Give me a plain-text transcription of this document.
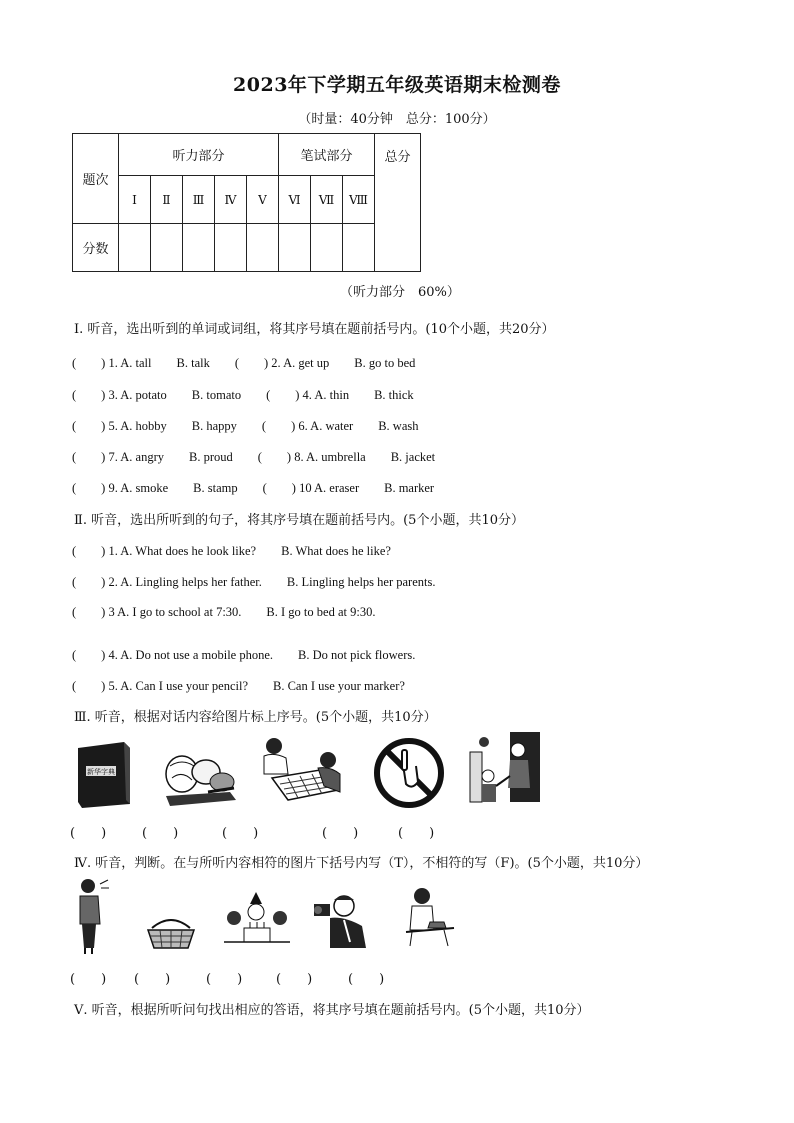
2023年下学期五年级英语期末检测卷
（时量：40分钟　总分：100分）
题次	听力部分					笔试部分			总分
	Ⅰ	Ⅱ	Ⅲ	Ⅳ	Ⅴ	Ⅵ	Ⅶ	Ⅷ	
分数									
（听力部分　60%）
Ⅰ. 听音，选出听到的单词或词组，将其序号填在题前括号内。(10个小题，共20分）
(　　) 1. A. tall　　B. talk　　(　　) 2. A. get up　　B. go to bed
(　　) 3. A. potato　　B. tomato　　(　　) 4. A. thin　　B. thick
(　　) 5. A. hobby　　B. happy　　(　　) 6. A. water　　B. wash
(　　) 7. A. angry　　B. proud　　(　　) 8. A. umbrella　　B. jacket
(　　) 9. A. smoke　　B. stamp　　(　　) 10 A. eraser　　B. marker
Ⅱ. 听音，选出所听到的句子，将其序号填在题前括号内。(5个小题，共10分）
(　　) 1. A. What does he look like?　　B. What does he like?
(　　) 2. A. Lingling helps her father.　　B. Lingling helps her parents.
(　　) 3 A. I go to school at 7:30.　　B. I go to bed at 9:30.
(　　) 4. A. Do not use a mobile phone.　　B. Do not pick flowers.
(　　) 5. A. Can I use your pencil?　　B. Can I use your marker?
Ⅲ. 听音，根据对话内容给图片标上序号。(5个小题，共10分）
新华字典
(　　)	(　　)	(　　)	(　　)	(　　)
Ⅳ. 听音，判断。在与所听内容相符的图片下括号内写（T），不相符的写（F)。(5个小题，共10分）
(　　) (　　)	(　　)	(　　)	(　　)
Ⅴ. 听音，根据所听问句找出相应的答语，将其序号填在题前括号内。(5个小题，共10分）
